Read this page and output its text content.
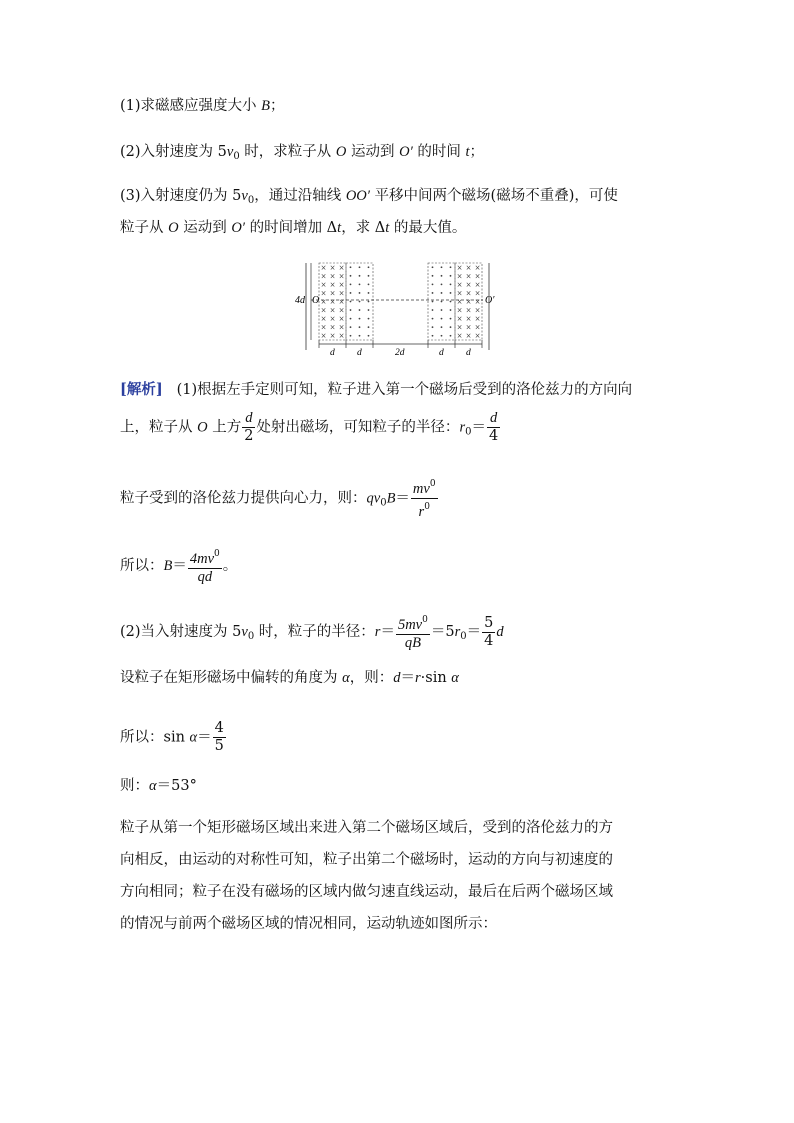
(1)求磁感应强度大小 B；
(2)入射速度为 $5v_0$ 时，求粒子从 O 运动到 O′ 的时间 t；
(3)入射速度仍为 $5v_0$，通过沿轴线 OO′ 平移中间两个磁场(磁场不重叠)，可使
粒子从 O 运动到 O′ 的时间增加 Δt，求 Δt 的最大值。
4d O
×
×
×
×
×
×
×
×
×
×
×
×
×
×
×
×
×
×
×
×
×
×
×
×
×
×
×
×
×
×
×
×
×
×
×
×
×
×
×
×
×
×
×
×
×
×
×
×
×
×
×
×
×
×
O′
d d	2d	d d
[解析] (1)根据左手定则可知，粒子进入第一个磁场后受到的洛伦兹力的方向向
上，粒子从 O 上方 $\frac{d}{2}$ 处射出磁场，可知粒子的半径：$r_0= \frac{d}{4}$
粒子受到的洛伦兹力提供向心力，则：$qv_0B= \frac{mv^0}{r^0}$
所以：$B= \frac{4mv^0}{qd}$ 。
(2)当入射速度为 $5v_0$ 时，粒子的半径：$r= \frac{5mv^0}{qB} =5r_0= \frac{5}{4}$ d
设粒子在矩形磁场中偏转的角度为 α，则：d＝r·sin α
所以：$\sin \alpha= \frac{4}{5}$
则：α＝53°
粒子从第一个矩形磁场区域出来进入第二个磁场区域后，受到的洛伦兹力的方
向相反，由运动的对称性可知，粒子出第二个磁场时，运动的方向与初速度的
方向相同；粒子在没有磁场的区域内做匀速直线运动，最后在后两个磁场区域
的情况与前两个磁场区域的情况相同，运动轨迹如图所示：
